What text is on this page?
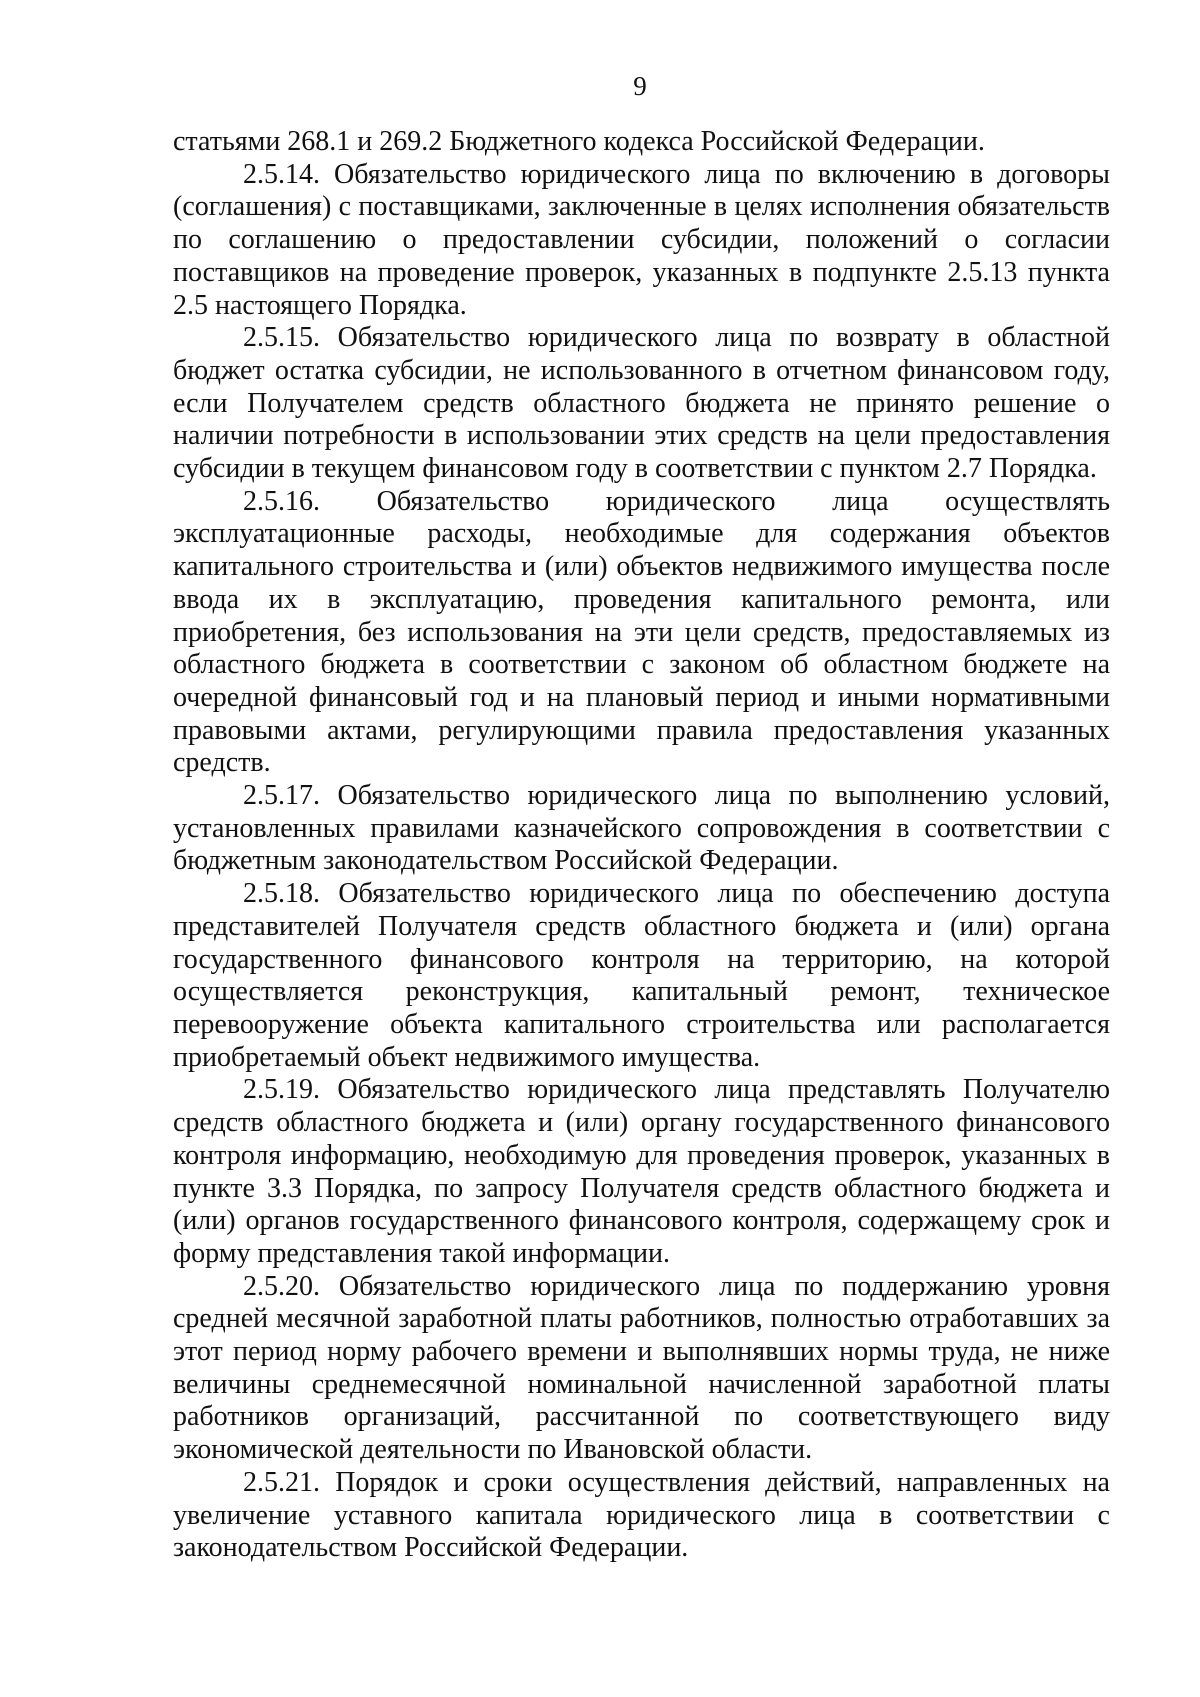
9

статьями 268.1 и 269.2 Бюджетного кодекса Российской Федерации.

2.5.14. Обязательство юридического лица по включению в договоры (соглашения) с поставщиками, заключенные в целях исполнения обязательств по соглашению о предоставлении субсидии, положений о согласии поставщиков на проведение проверок, указанных в подпункте 2.5.13 пункта 2.5 настоящего Порядка.

2.5.15. Обязательство юридического лица по возврату в областной бюджет остатка субсидии, не использованного в отчетном финансовом году, если Получателем средств областного бюджета не принято решение о наличии потребности в использовании этих средств на цели предоставления субсидии в текущем финансовом году в соответствии с пунктом 2.7 Порядка.

2.5.16. Обязательство юридического лица осуществлять эксплуатационные расходы, необходимые для содержания объектов капитального строительства и (или) объектов недвижимого имущества после ввода их в эксплуатацию, проведения капитального ремонта, или приобретения, без использования на эти цели средств, предоставляемых из областного бюджета в соответствии с законом об областном бюджете на очередной финансовый год и на плановый период и иными нормативными правовыми актами, регулирующими правила предоставления указанных средств.

2.5.17. Обязательство юридического лица по выполнению условий, установленных правилами казначейского сопровождения в соответствии с бюджетным законодательством Российской Федерации.

2.5.18. Обязательство юридического лица по обеспечению доступа представителей Получателя средств областного бюджета и (или) органа государственного финансового контроля на территорию, на которой осуществляется реконструкция, капитальный ремонт, техническое перевооружение объекта капитального строительства или располагается приобретаемый объект недвижимого имущества.

2.5.19. Обязательство юридического лица представлять Получателю средств областного бюджета и (или) органу государственного финансового контроля информацию, необходимую для проведения проверок, указанных в пункте 3.3 Порядка, по запросу Получателя средств областного бюджета и (или) органов государственного финансового контроля, содержащему срок и форму представления такой информации.

2.5.20. Обязательство юридического лица по поддержанию уровня средней месячной заработной платы работников, полностью отработавших за этот период норму рабочего времени и выполнявших нормы труда, не ниже величины среднемесячной номинальной начисленной заработной платы работников организаций, рассчитанной по соответствующего виду экономической деятельности по Ивановской области.

2.5.21. Порядок и сроки осуществления действий, направленных на увеличение уставного капитала юридического лица в соответствии с законодательством Российской Федерации.
